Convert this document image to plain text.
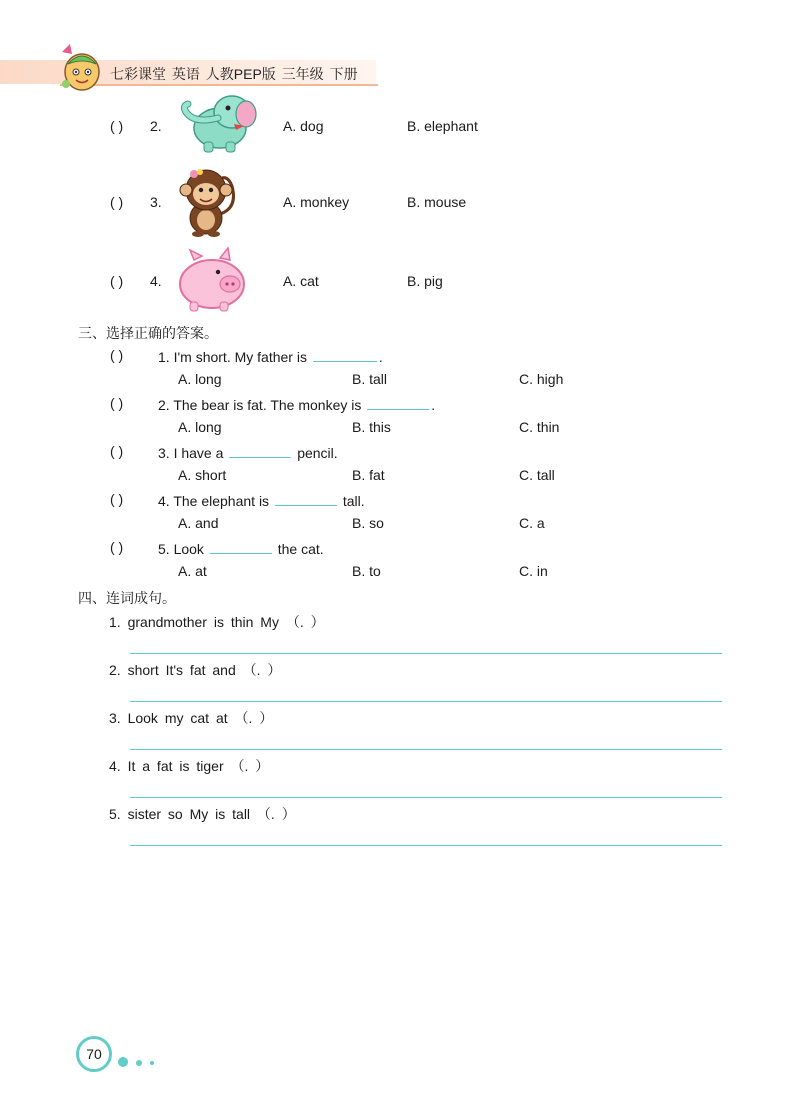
七彩课堂 英语 人教PEP版 三年级 下册
( ) 2.	A. dog	B. elephant
( ) 3.	A. monkey	B. mouse
( ) 4.	A. cat	B. pig
三、选择正确的答案。
( ) 1. I'm short. My father is	.
A. long	B. tall	C. high
( ) 2. The bear is fat. The monkey is	.
A. long	B. this	C. thin
( ) 3. I have a	pencil.
A. short	B. fat	C. tall
( ) 4. The elephant is	tall.
A. and	B. so	C. a
( ) 5. Look	the cat.
A. at	B. to	C. in
四、连词成句。
1. grandmother is thin My （. ）
2. short It's fat and （. ）
3. Look my cat at （. ）
4. It a fat is tiger （. ）
5. sister so My is tall （. ）
70
